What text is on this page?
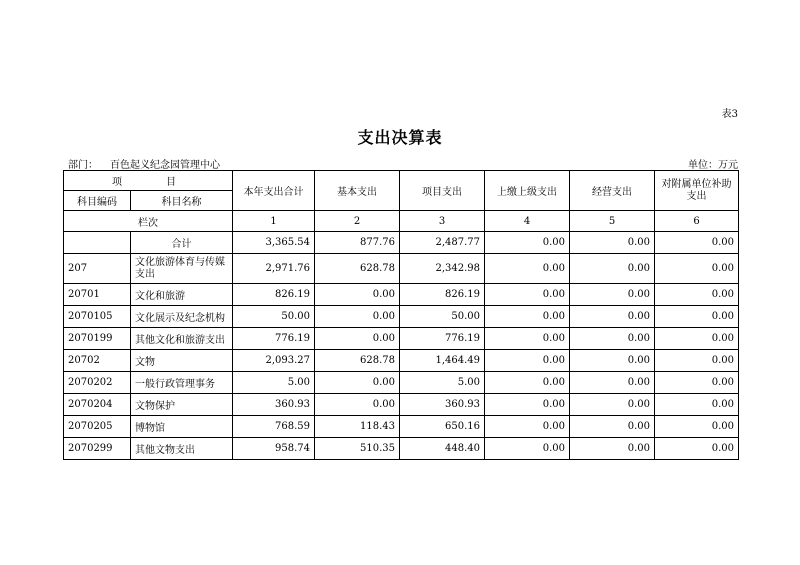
表3
支出决算表
部门： 百色起义纪念园管理中心	单位：万元
项　　目		本年支出合计	基本支出	项目支出	上缴上级支出	经营支出	对附属单位补助支出
科目编码	科目名称						
栏次		1	2	3	4	5	6
	合计	3,365.54	877.76	2,487.77	0.00	0.00	0.00
207	文化旅游体育与传媒支出	2,971.76	628.78	2,342.98	0.00	0.00	0.00
20701	文化和旅游	826.19	0.00	826.19	0.00	0.00	0.00
2070105	文化展示及纪念机构	50.00	0.00	50.00	0.00	0.00	0.00
2070199	其他文化和旅游支出	776.19	0.00	776.19	0.00	0.00	0.00
20702	文物	2,093.27	628.78	1,464.49	0.00	0.00	0.00
2070202	一般行政管理事务	5.00	0.00	5.00	0.00	0.00	0.00
2070204	文物保护	360.93	0.00	360.93	0.00	0.00	0.00
2070205	博物馆	768.59	118.43	650.16	0.00	0.00	0.00
2070299	其他文物支出	958.74	510.35	448.40	0.00	0.00	0.00
